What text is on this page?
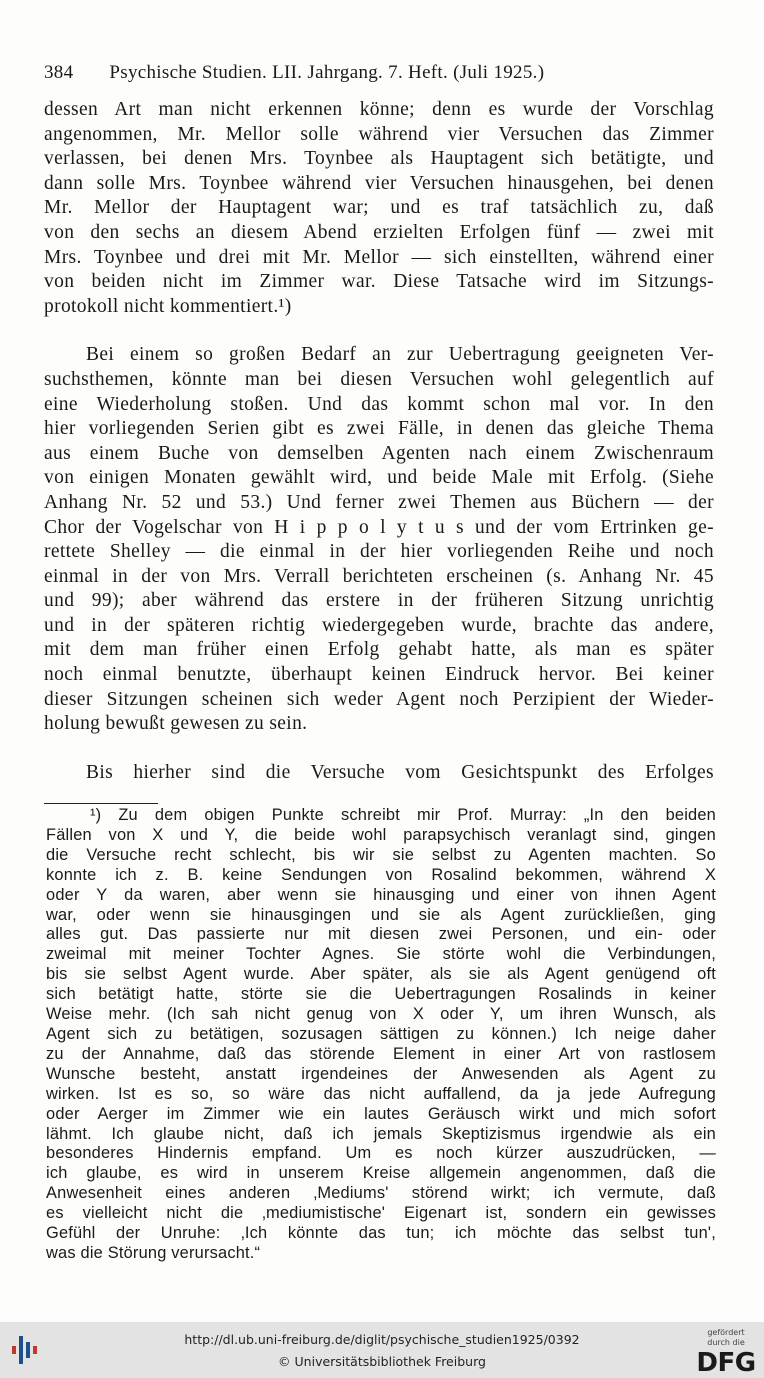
384 Psychische Studien. LII. Jahrgang. 7. Heft. (Juli 1925.)
dessen Art man nicht erkennen könne; denn es wurde der Vorschlag
angenommen, Mr. Mellor solle während vier Versuchen das Zimmer
verlassen, bei denen Mrs. Toynbee als Hauptagent sich betätigte, und
dann solle Mrs. Toynbee während vier Versuchen hinausgehen, bei denen
Mr. Mellor der Hauptagent war; und es traf tatsächlich zu, daß
von den sechs an diesem Abend erzielten Erfolgen fünf — zwei mit
Mrs. Toynbee und drei mit Mr. Mellor — sich einstellten, während einer
von beiden nicht im Zimmer war. Diese Tatsache wird im Sitzungs-
protokoll nicht kommentiert.¹)
Bei einem so großen Bedarf an zur Uebertragung geeigneten Ver-
suchsthemen, könnte man bei diesen Versuchen wohl gelegentlich auf
eine Wiederholung stoßen. Und das kommt schon mal vor. In den
hier vorliegenden Serien gibt es zwei Fälle, in denen das gleiche Thema
aus einem Buche von demselben Agenten nach einem Zwischenraum
von einigen Monaten gewählt wird, und beide Male mit Erfolg. (Siehe
Anhang Nr. 52 und 53.) Und ferner zwei Themen aus Büchern — der
Chor der Vogelschar von H i p p o l y t u s und der vom Ertrinken ge-
rettete Shelley — die einmal in der hier vorliegenden Reihe und noch
einmal in der von Mrs. Verrall berichteten erscheinen (s. Anhang Nr. 45
und 99); aber während das erstere in der früheren Sitzung unrichtig
und in der späteren richtig wiedergegeben wurde, brachte das andere,
mit dem man früher einen Erfolg gehabt hatte, als man es später
noch einmal benutzte, überhaupt keinen Eindruck hervor. Bei keiner
dieser Sitzungen scheinen sich weder Agent noch Perzipient der Wieder-
holung bewußt gewesen zu sein.
Bis hierher sind die Versuche vom Gesichtspunkt des Erfolges
¹) Zu dem obigen Punkte schreibt mir Prof. Murray: „In den beiden
Fällen von X und Y, die beide wohl parapsychisch veranlagt sind, gingen
die Versuche recht schlecht, bis wir sie selbst zu Agenten machten. So
konnte ich z. B. keine Sendungen von Rosalind bekommen, während X
oder Y da waren, aber wenn sie hinausging und einer von ihnen Agent
war, oder wenn sie hinausgingen und sie als Agent zurückließen, ging
alles gut. Das passierte nur mit diesen zwei Personen, und ein- oder
zweimal mit meiner Tochter Agnes. Sie störte wohl die Verbindungen,
bis sie selbst Agent wurde. Aber später, als sie als Agent genügend oft
sich betätigt hatte, störte sie die Uebertragungen Rosalinds in keiner
Weise mehr. (Ich sah nicht genug von X oder Y, um ihren Wunsch, als
Agent sich zu betätigen, sozusagen sättigen zu können.) Ich neige daher
zu der Annahme, daß das störende Element in einer Art von rastlosem
Wunsche besteht, anstatt irgendeines der Anwesenden als Agent zu
wirken. Ist es so, so wäre das nicht auffallend, da ja jede Aufregung
oder Aerger im Zimmer wie ein lautes Geräusch wirkt und mich sofort
lähmt. Ich glaube nicht, daß ich jemals Skeptizismus irgendwie als ein
besonderes Hindernis empfand. Um es noch kürzer auszudrücken, —
ich glaube, es wird in unserem Kreise allgemein angenommen, daß die
Anwesenheit eines anderen ‚Mediums' störend wirkt; ich vermute, daß
es vielleicht nicht die ‚mediumistische' Eigenart ist, sondern ein gewisses
Gefühl der Unruhe: ‚Ich könnte das tun; ich möchte das selbst tun',
was die Störung verursacht.“
http://dl.ub.uni-freiburg.de/diglit/psychische_studien1925/0392
© Universitätsbibliothek Freiburg
gefördert durch die
DFG
